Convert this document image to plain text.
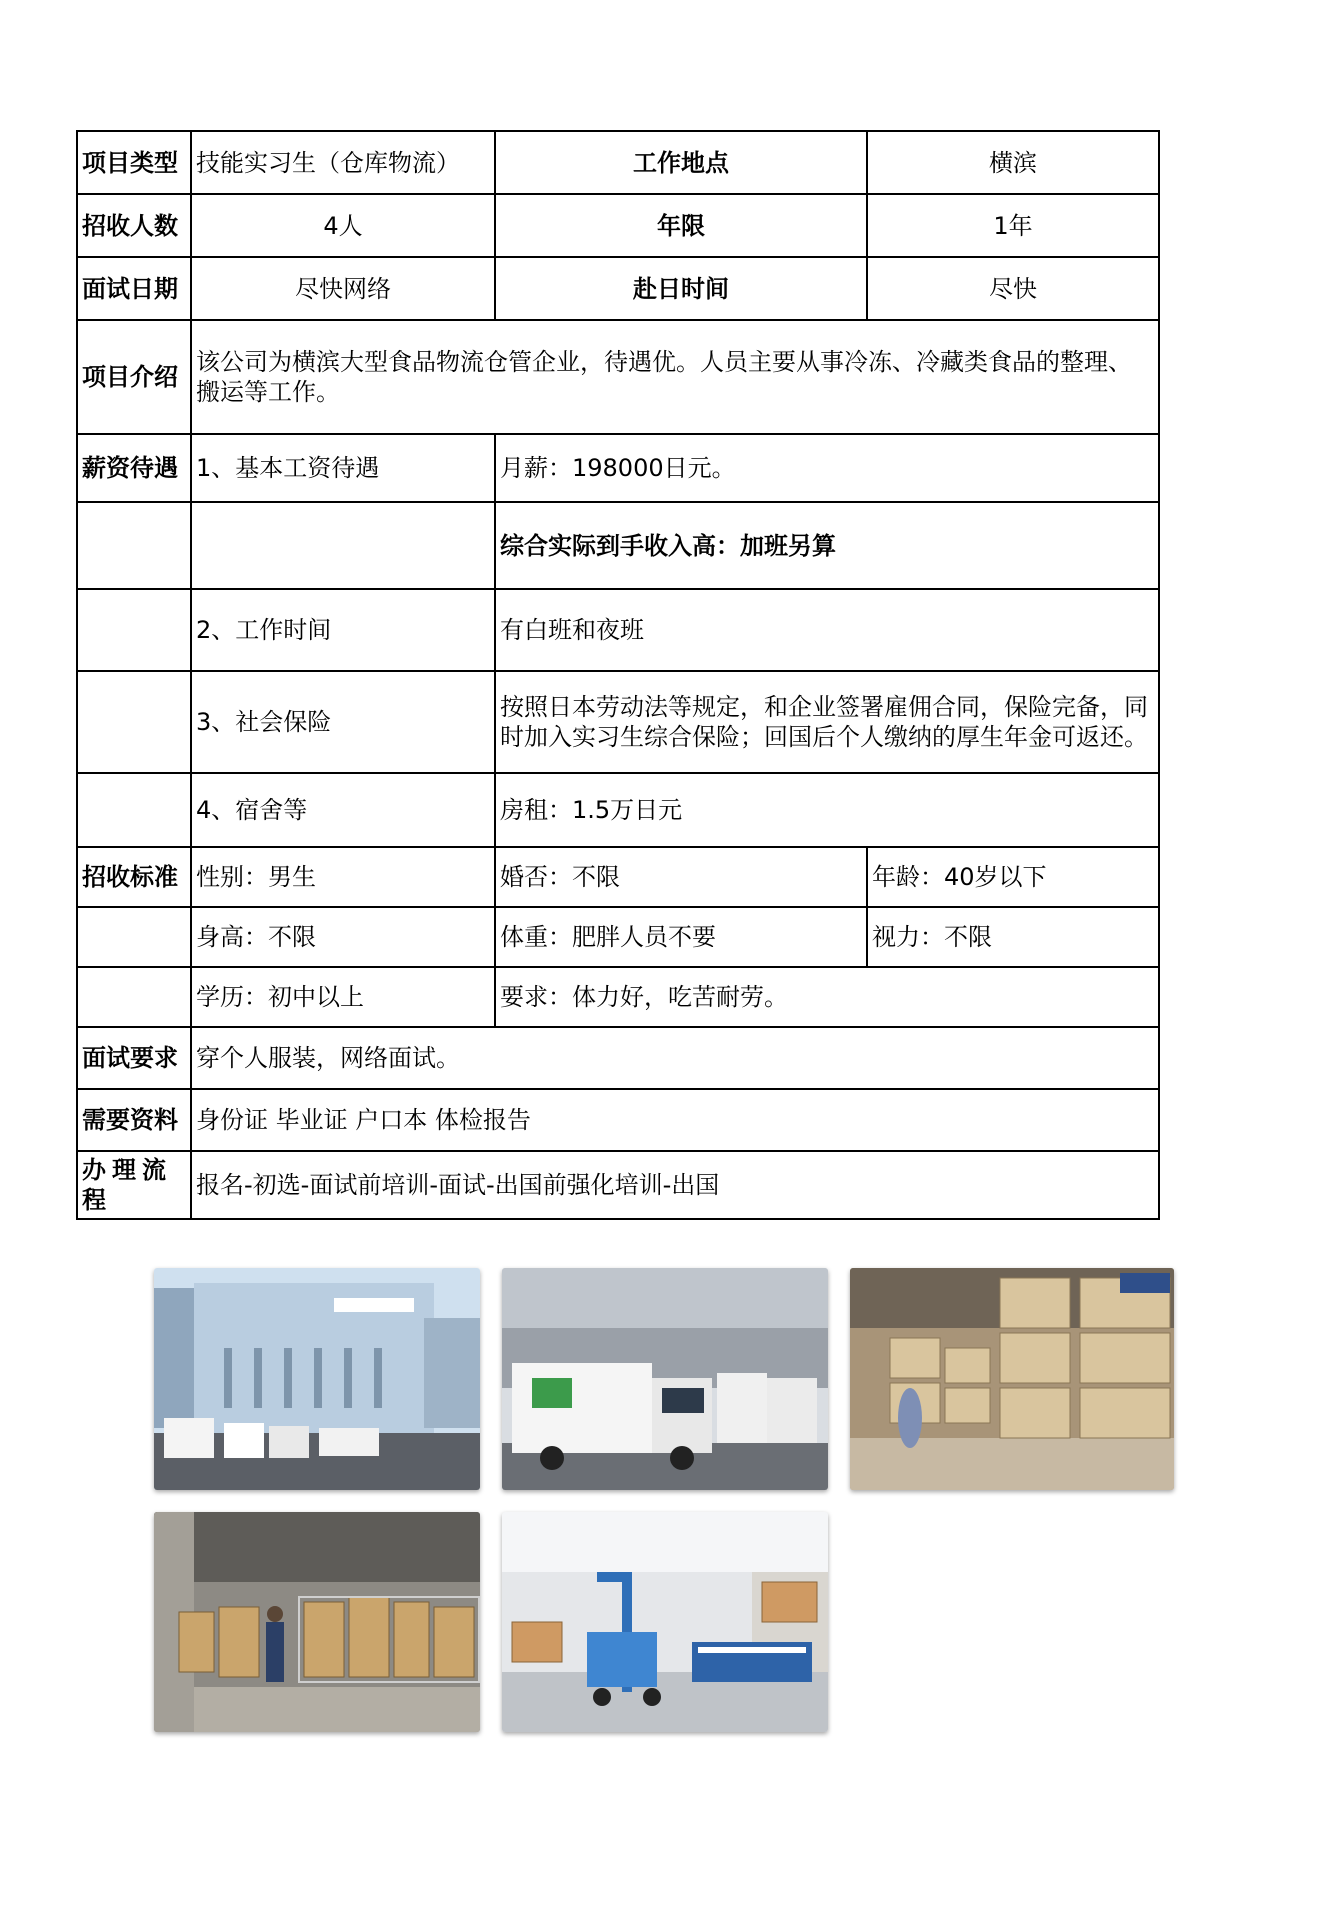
项目类型	技能实习生（仓库物流）	工作地点	横滨
招收人数	4人	年限	1年
面试日期	尽快网络	赴日时间	尽快
项目介绍	该公司为横滨大型食品物流仓管企业，待遇优。人员主要从事冷冻、冷藏类食品的整理、搬运等工作。		
薪资待遇	1、基本工资待遇	月薪：198000日元。	
		综合实际到手收入高：加班另算	
	2、工作时间	有白班和夜班	
	3、社会保险	按照日本劳动法等规定，和企业签署雇佣合同，保险完备，同时加入实习生综合保险；回国后个人缴纳的厚生年金可返还。	
	4、宿舍等	房租：1.5万日元	
招收标准	性别：男生	婚否：不限	年龄：40岁以下
	身高：不限	体重：肥胖人员不要	视力：不限
	学历：初中以上	要求：体力好，吃苦耐劳。	
面试要求	穿个人服装，网络面试。		
需要资料	身份证 毕业证 户口本 体检报告		
办理流程	报名-初选-面试前培训-面试-出国前强化培训-出国		
